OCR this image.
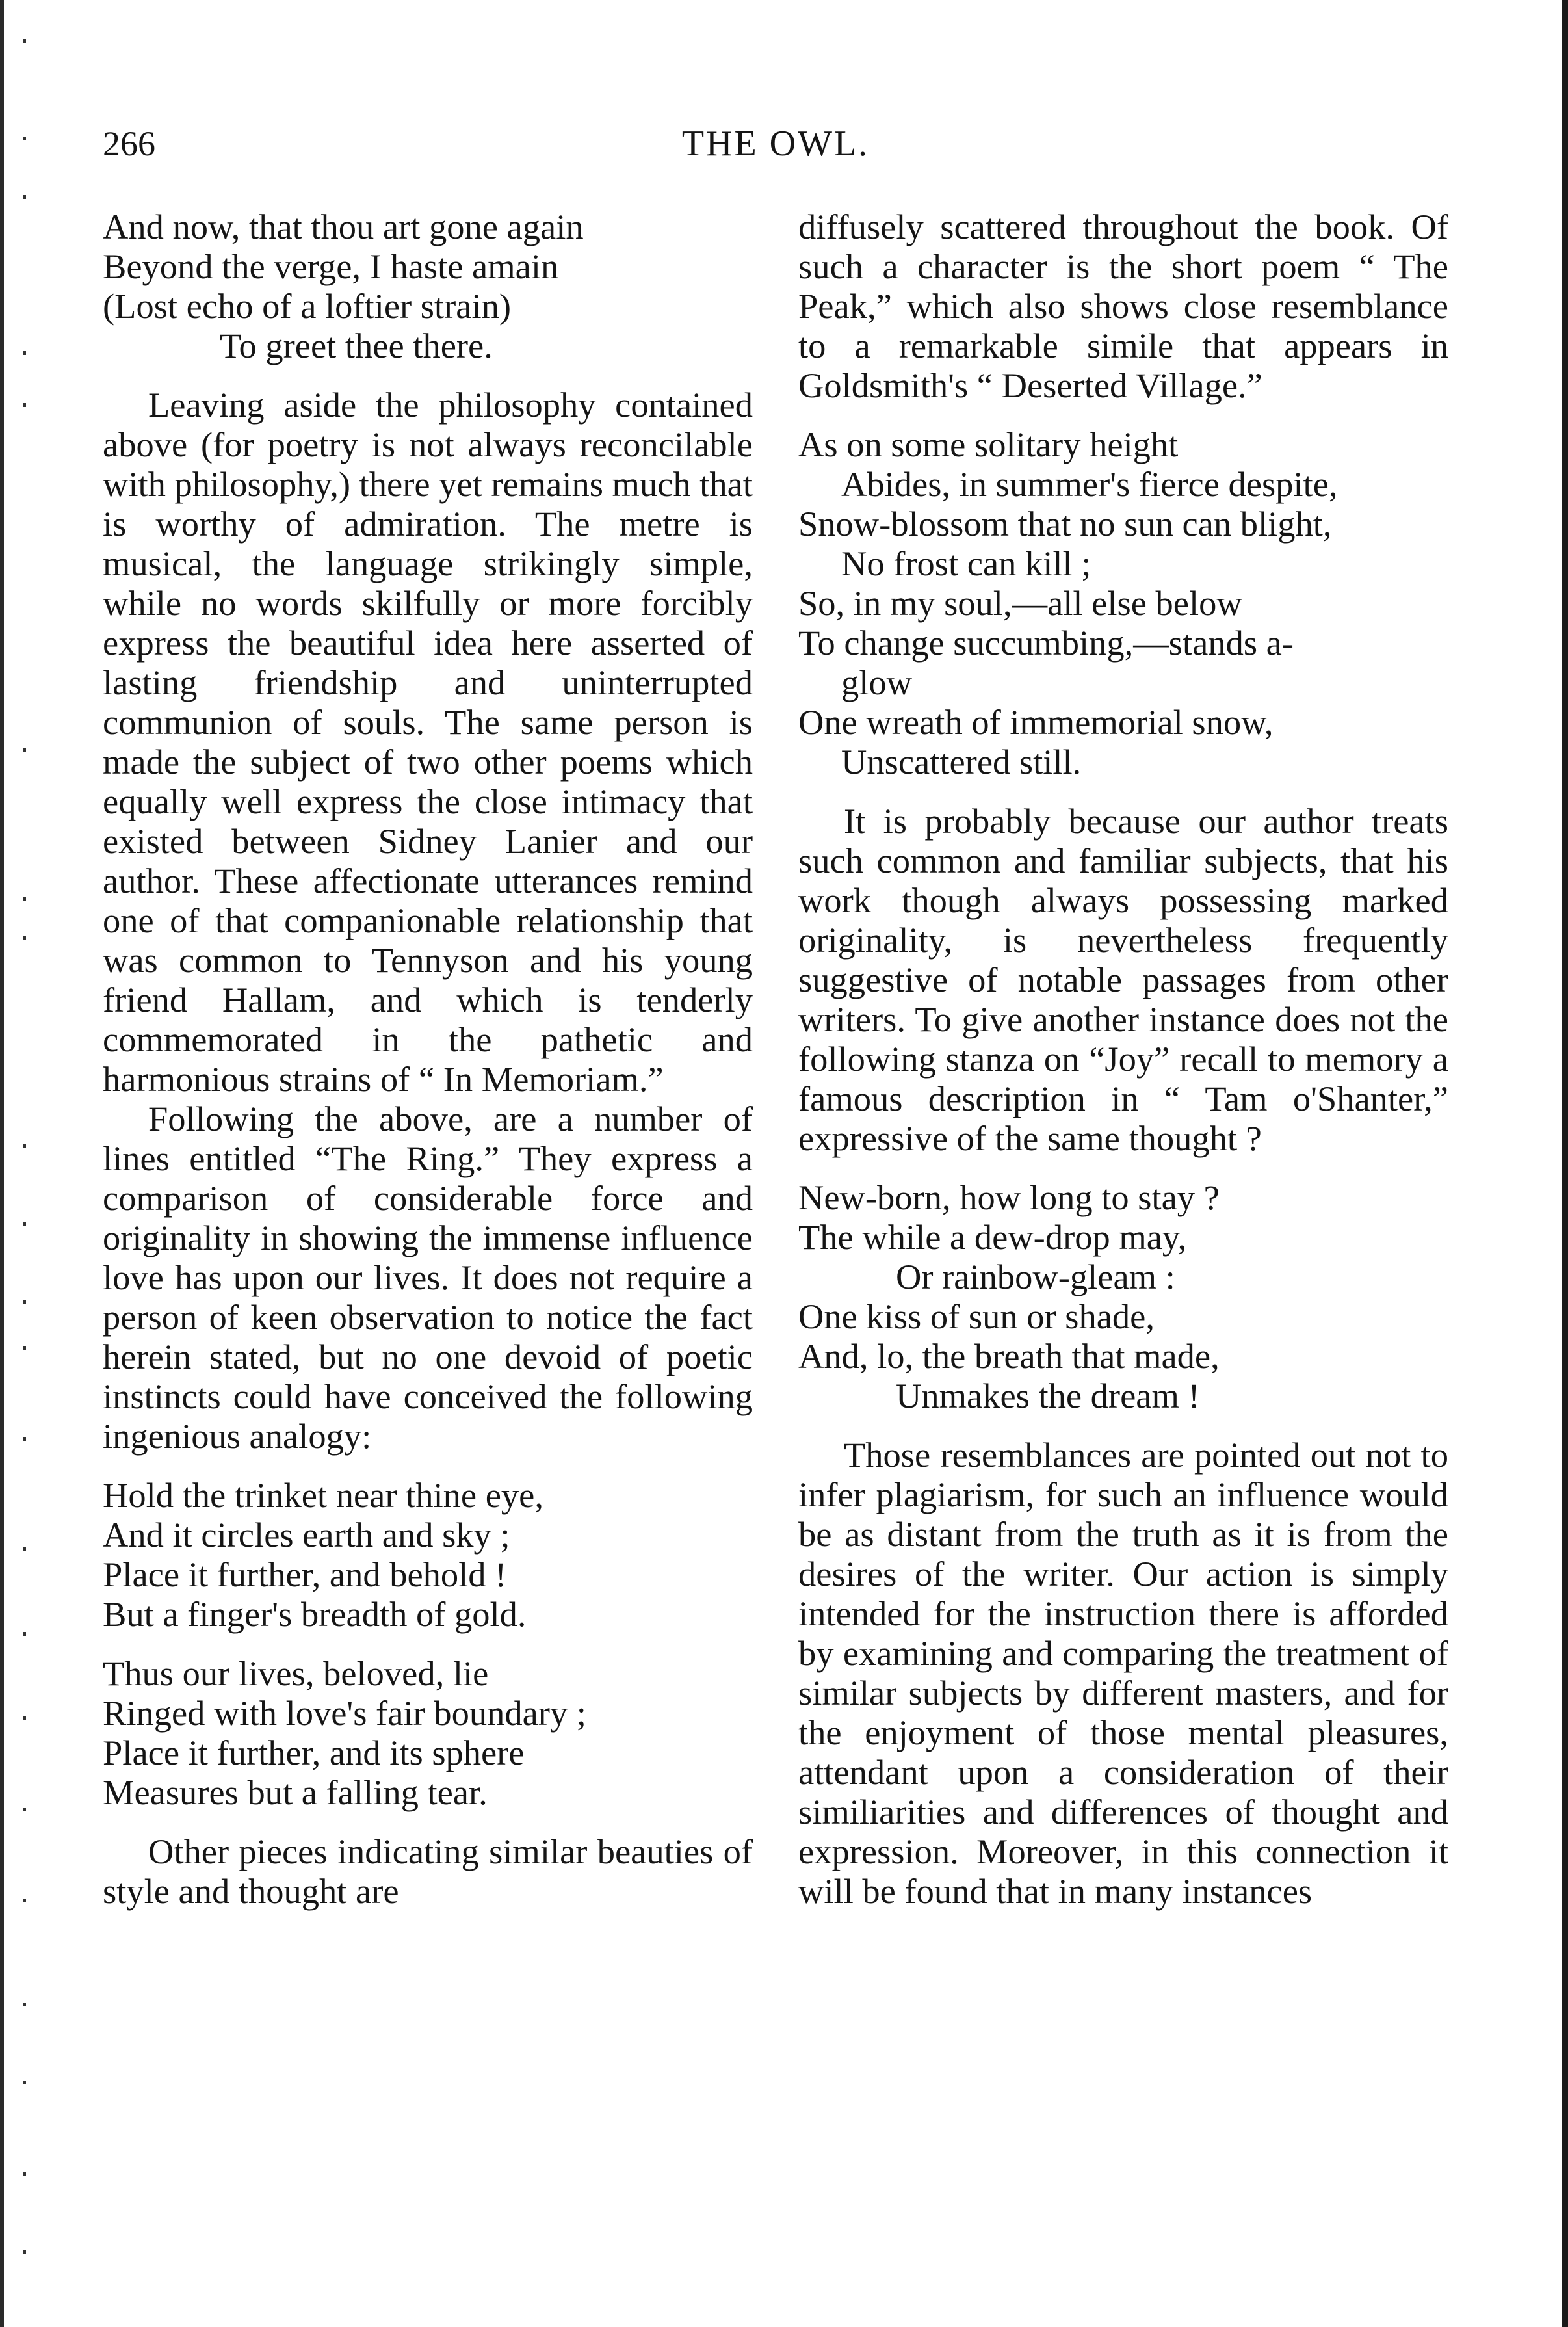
266	THE OWL.
And now, that thou art gone again
Beyond the verge, I haste amain
(Lost echo of a loftier strain)
To greet thee there.

Leaving aside the philosophy contained above (for poetry is not always reconcilable with philosophy,) there yet remains much that is worthy of admiration. The metre is musical, the language strikingly simple, while no words skilfully or more forcibly express the beautiful idea here asserted of lasting friendship and uninterrupted communion of souls. The same person is made the subject of two other poems which equally well express the close intimacy that existed between Sidney Lanier and our author. These affectionate utterances remind one of that companionable relationship that was common to Tennyson and his young friend Hallam, and which is tenderly commemorated in the pathetic and harmonious strains of “ In Memoriam.”

Following the above, are a number of lines entitled “The Ring.” They express a comparison of considerable force and originality in showing the immense influence love has upon our lives. It does not require a person of keen observation to notice the fact herein stated, but no one devoid of poetic instincts could have conceived the following ingenious analogy:

Hold the trinket near thine eye,
And it circles earth and sky ;
Place it further, and behold !
But a finger's breadth of gold.
Thus our lives, beloved, lie
Ringed with love's fair boundary ;
Place it further, and its sphere
Measures but a falling tear.

Other pieces indicating similar beauties of style and thought are

diffusely scattered throughout the book. Of such a character is the short poem “ The Peak,” which also shows close resemblance to a remarkable simile that appears in Goldsmith's “ Deserted Village.”

As on some solitary height
Abides, in summer's fierce despite,
Snow-blossom that no sun can blight,
No frost can kill ;
So, in my soul,—all else below
To change succumbing,—stands a-
glow
One wreath of immemorial snow,
Unscattered still.

It is probably because our author treats such common and familiar subjects, that his work though always possessing marked originality, is nevertheless frequently suggestive of notable passages from other writers. To give another instance does not the following stanza on “Joy” recall to memory a famous description in “ Tam o'Shanter,” expressive of the same thought ?

New-born, how long to stay ?
The while a dew-drop may,
Or rainbow-gleam :
One kiss of sun or shade,
And, lo, the breath that made,
Unmakes the dream !

Those resemblances are pointed out not to infer plagiarism, for such an influence would be as distant from the truth as it is from the desires of the writer. Our action is simply intended for the instruction there is afforded by examining and comparing the treatment of similar subjects by different masters, and for the enjoyment of those mental pleasures, attendant upon a consideration of their similiarities and differences of thought and expression. Moreover, in this connection it will be found that in many instances
